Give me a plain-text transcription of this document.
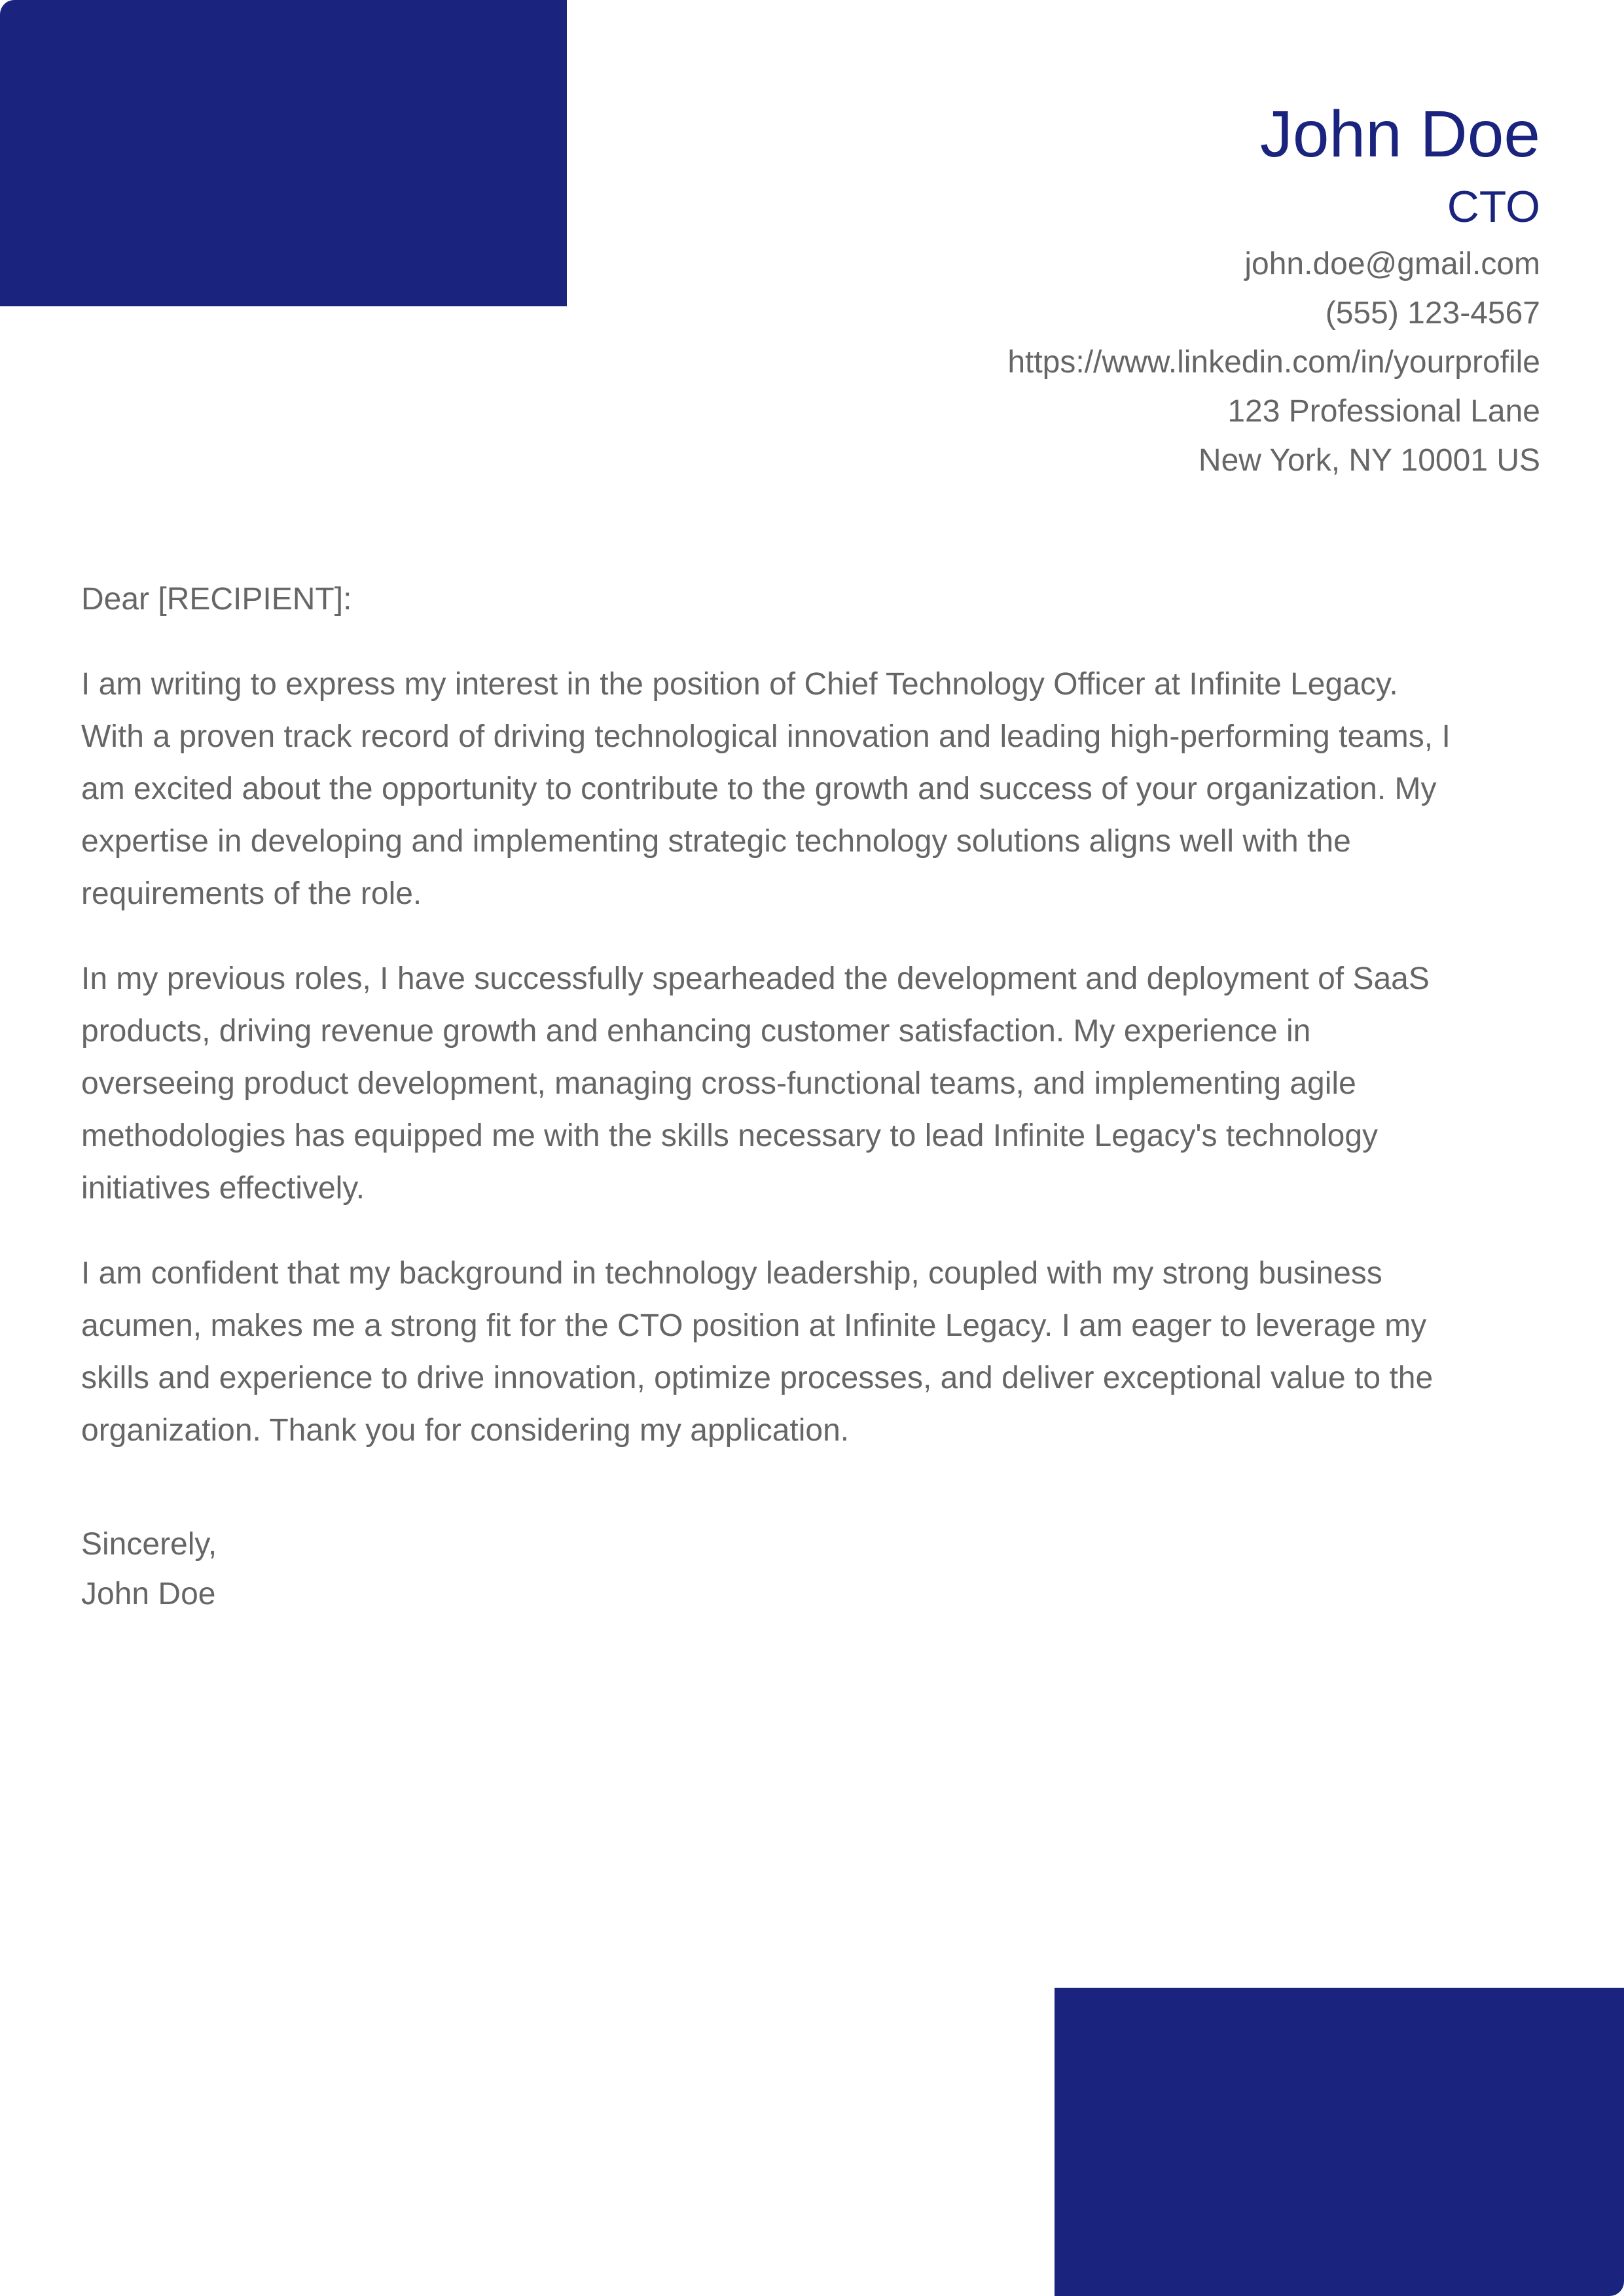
John Doe
CTO

john.doe@gmail.com

(555) 123-4567

https://www.linkedin.com/in/yourprofile

123 Professional Lane

New York, NY 10001 US

Dear [RECIPIENT]:

I am writing to express my interest in the position of Chief Technology Officer at Infinite Legacy. With a proven track record of driving technological innovation and leading high-performing teams, I am excited about the opportunity to contribute to the growth and success of your organization. My expertise in developing and implementing strategic technology solutions aligns well with the requirements of the role.

In my previous roles, I have successfully spearheaded the development and deployment of SaaS products, driving revenue growth and enhancing customer satisfaction. My experience in overseeing product development, managing cross-functional teams, and implementing agile methodologies has equipped me with the skills necessary to lead Infinite Legacy's technology initiatives effectively.

I am confident that my background in technology leadership, coupled with my strong business acumen, makes me a strong fit for the CTO position at Infinite Legacy. I am eager to leverage my skills and experience to drive innovation, optimize processes, and deliver exceptional value to the organization. Thank you for considering my application.

Sincerely,
John Doe
